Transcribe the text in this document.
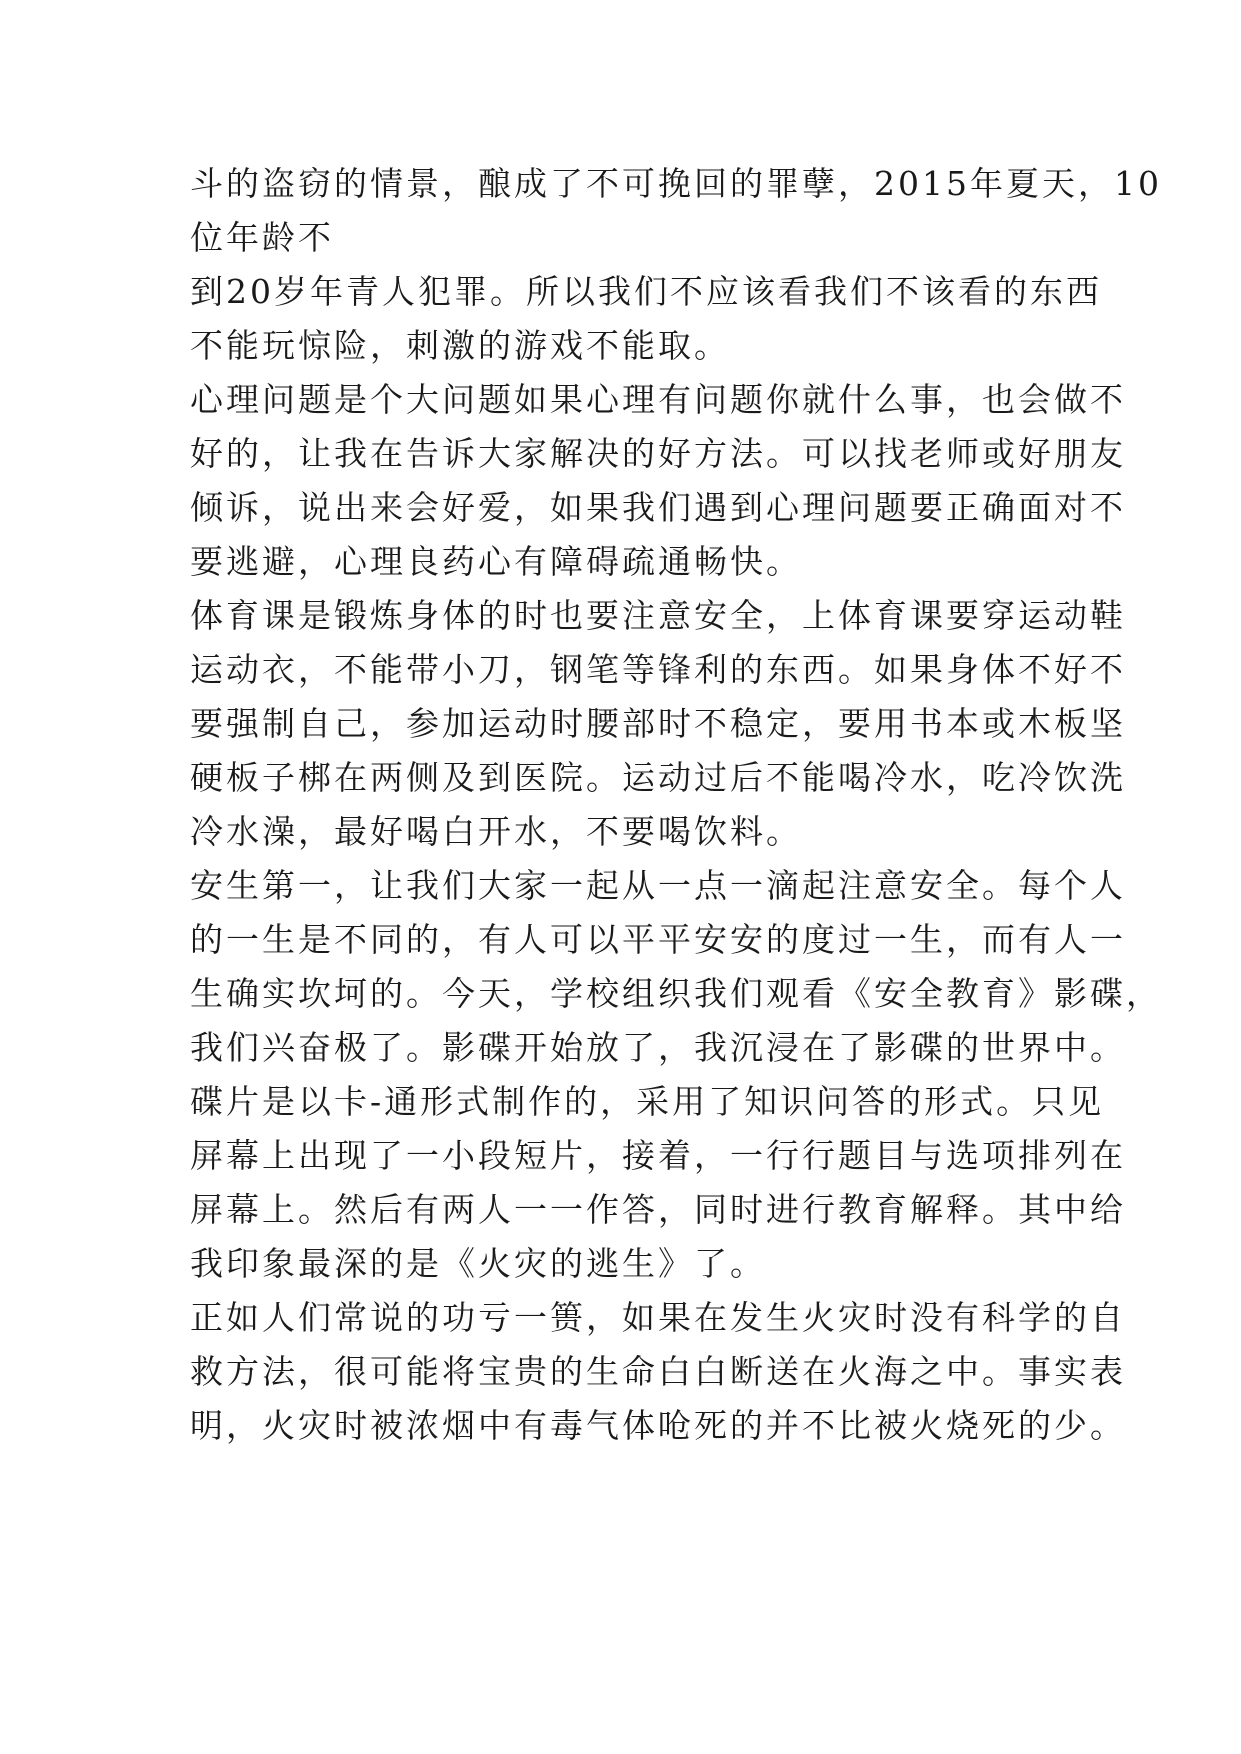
斗的盗窃的情景，酿成了不可挽回的罪孽，2015年夏天，10
位年龄不
到20岁年青人犯罪。所以我们不应该看我们不该看的东西
不能玩惊险，刺激的游戏不能取。
心理问题是个大问题如果心理有问题你就什么事，也会做不
好的，让我在告诉大家解决的好方法。可以找老师或好朋友
倾诉，说出来会好爱，如果我们遇到心理问题要正确面对不
要逃避，心理良药心有障碍疏通畅快。
体育课是锻炼身体的时也要注意安全，上体育课要穿运动鞋
运动衣，不能带小刀，钢笔等锋利的东西。如果身体不好不
要强制自己，参加运动时腰部时不稳定，要用书本或木板坚
硬板子梆在两侧及到医院。运动过后不能喝冷水，吃冷饮洗
冷水澡，最好喝白开水，不要喝饮料。
安生第一，让我们大家一起从一点一滴起注意安全。每个人
的一生是不同的，有人可以平平安安的度过一生，而有人一
生确实坎坷的。今天，学校组织我们观看《安全教育》影碟，
我们兴奋极了。影碟开始放了，我沉浸在了影碟的世界中。
碟片是以卡-通形式制作的，采用了知识问答的形式。只见
屏幕上出现了一小段短片，接着，一行行题目与选项排列在
屏幕上。然后有两人一一作答，同时进行教育解释。其中给
我印象最深的是《火灾的逃生》了。
正如人们常说的功亏一篑，如果在发生火灾时没有科学的自
救方法，很可能将宝贵的生命白白断送在火海之中。事实表
明，火灾时被浓烟中有毒气体呛死的并不比被火烧死的少。
